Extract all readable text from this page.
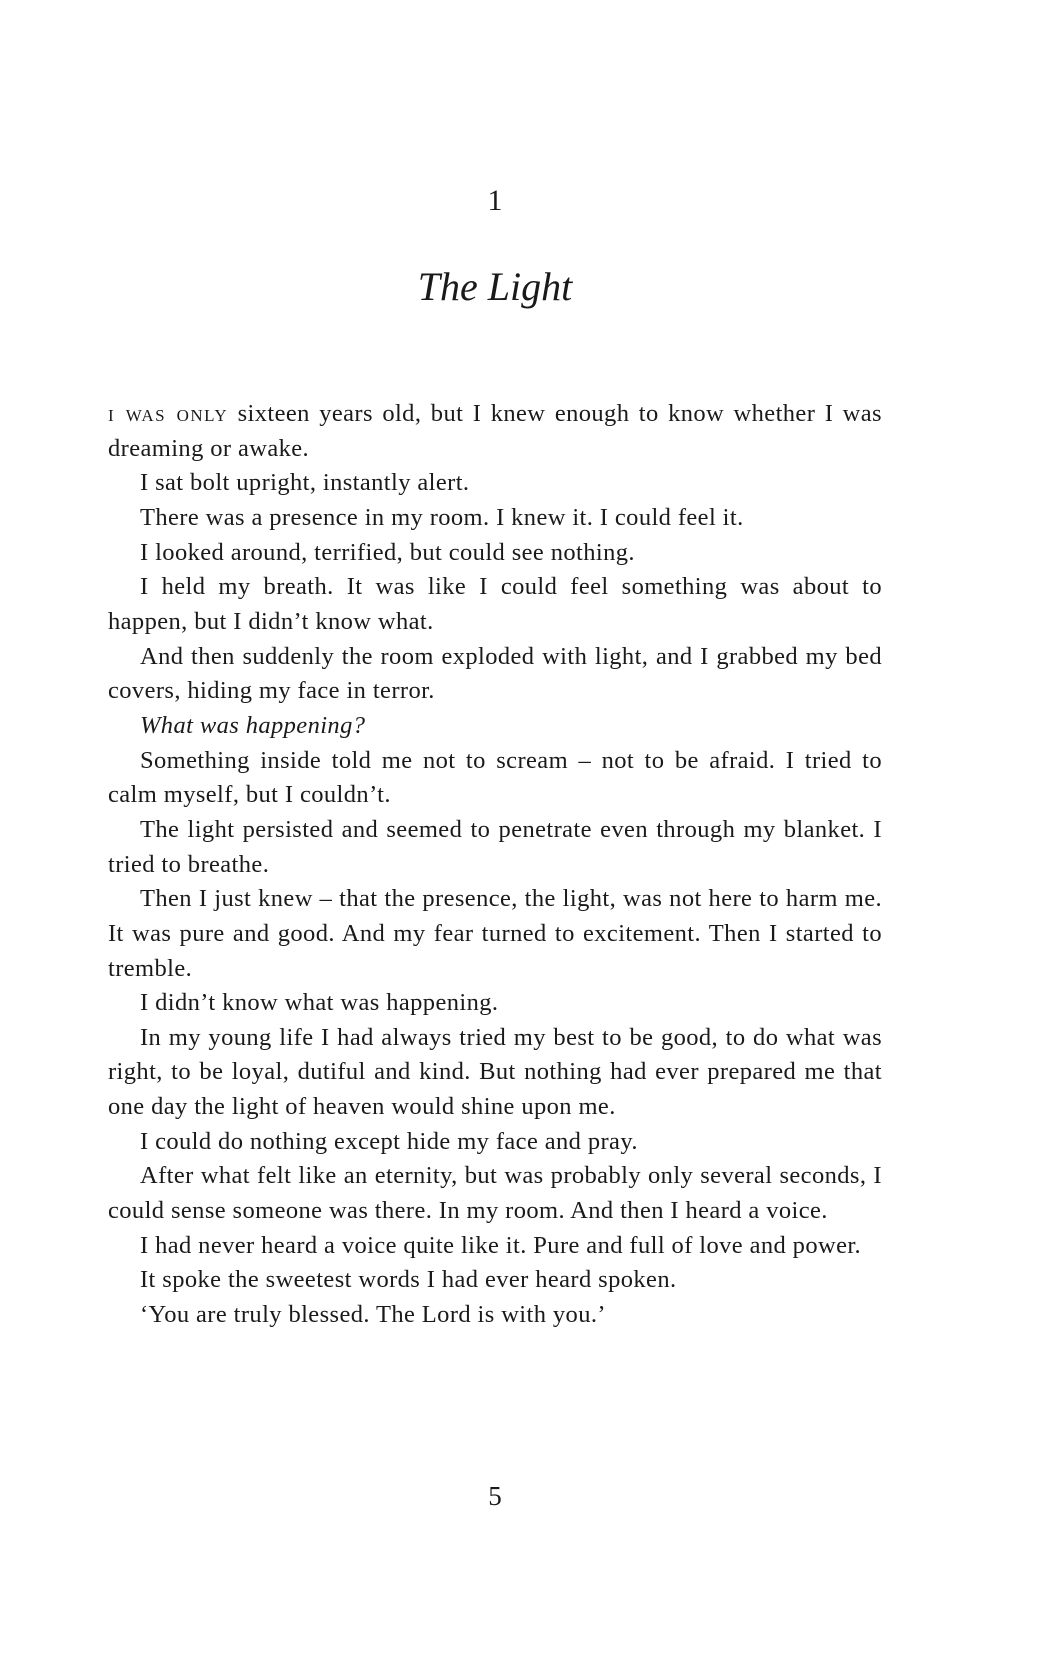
1
The Light

i was only sixteen years old, but I knew enough to know whether I was dreaming or awake.

I sat bolt upright, instantly alert.

There was a presence in my room. I knew it. I could feel it.

I looked around, terrified, but could see nothing.

I held my breath. It was like I could feel something was about to happen, but I didn’t know what.

And then suddenly the room exploded with light, and I grabbed my bed covers, hiding my face in terror.

What was happening?

Something inside told me not to scream – not to be afraid. I tried to calm myself, but I couldn’t.

The light persisted and seemed to penetrate even through my blanket. I tried to breathe.

Then I just knew – that the presence, the light, was not here to harm me. It was pure and good. And my fear turned to excitement. Then I started to tremble.

I didn’t know what was happening.

In my young life I had always tried my best to be good, to do what was right, to be loyal, dutiful and kind. But nothing had ever prepared me that one day the light of heaven would shine upon me.

I could do nothing except hide my face and pray.

After what felt like an eternity, but was probably only several seconds, I could sense someone was there. In my room. And then I heard a voice.

I had never heard a voice quite like it. Pure and full of love and power.

It spoke the sweetest words I had ever heard spoken.

‘You are truly blessed. The Lord is with you.’

5
